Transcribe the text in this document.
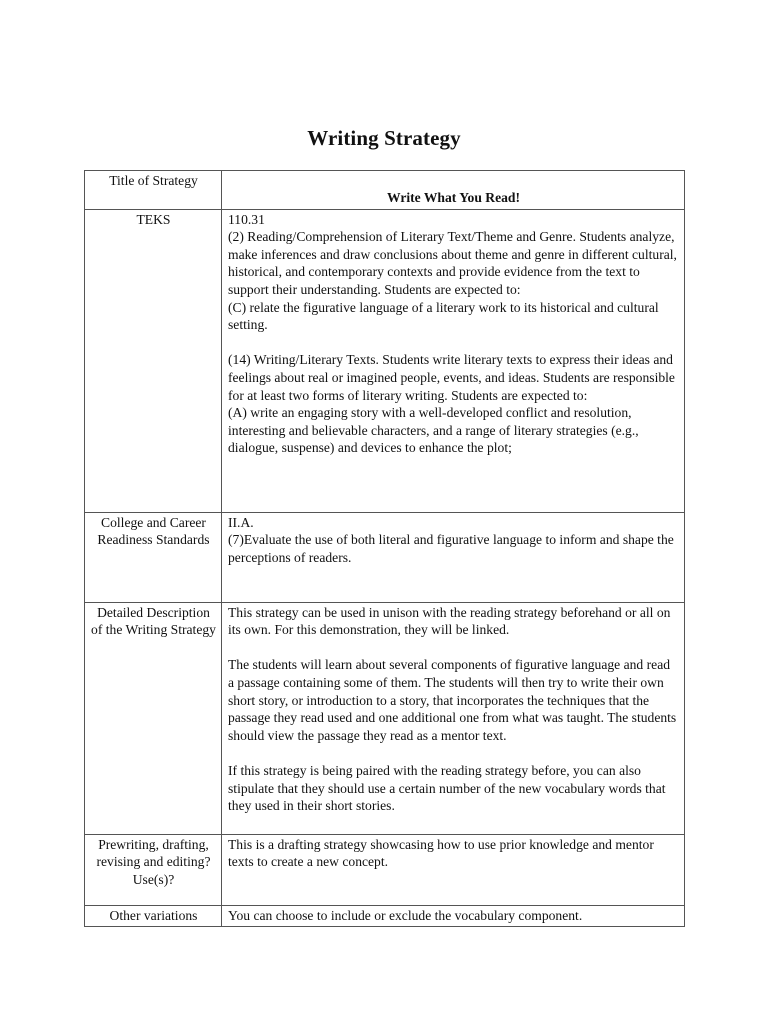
Writing Strategy
Title of Strategy	Write What You Read!

TEKS	110.31
(2) Reading/Comprehension of Literary Text/Theme and Genre. Students analyze, make inferences and draw conclusions about theme and genre in different cultural, historical, and contemporary contexts and provide evidence from the text to support their understanding. Students are expected to:
(C) relate the figurative language of a literary work to its historical and cultural setting.

(14) Writing/Literary Texts. Students write literary texts to express their ideas and feelings about real or imagined people, events, and ideas. Students are responsible for at least two forms of literary writing. Students are expected to:
(A) write an engaging story with a well-developed conflict and resolution, interesting and believable characters, and a range of literary strategies (e.g., dialogue, suspense) and devices to enhance the plot;

College and Career Readiness Standards	II.A.
(7)Evaluate the use of both literal and figurative language to inform and shape the perceptions of readers.

Detailed Description of the Writing Strategy	This strategy can be used in unison with the reading strategy beforehand or all on its own. For this demonstration, they will be linked.

The students will learn about several components of figurative language and read a passage containing some of them. The students will then try to write their own short story, or introduction to a story, that incorporates the techniques that the passage they read used and one additional one from what was taught. The students should view the passage they read as a mentor text.

If this strategy is being paired with the reading strategy before, you can also stipulate that they should use a certain number of the new vocabulary words that they used in their short stories.

Prewriting, drafting, revising and editing? Use(s)?	This is a drafting strategy showcasing how to use prior knowledge and mentor texts to create a new concept.

Other variations	You can choose to include or exclude the vocabulary component.
